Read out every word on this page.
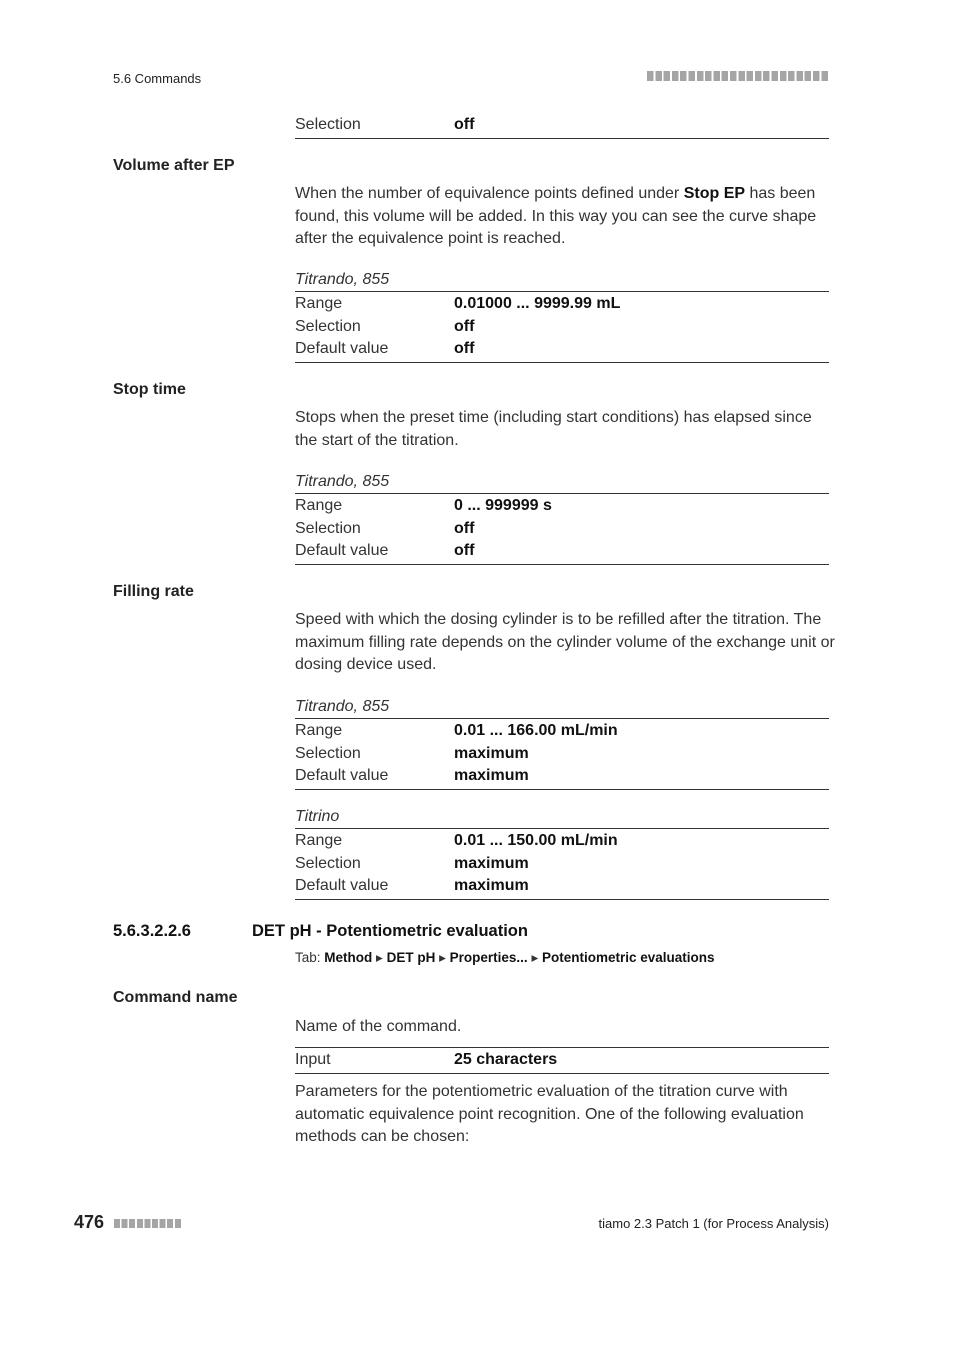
5.6 Commands
Selection	off
Volume after EP
When the number of equivalence points defined under Stop EP has been found, this volume will be added. In this way you can see the curve shape after the equivalence point is reached.
Titrando, 855
Range	0.01000 ... 9999.99 mL
Selection	off
Default value	off
Stop time
Stops when the preset time (including start conditions) has elapsed since the start of the titration.
Titrando, 855
Range	0 ... 999999 s
Selection	off
Default value	off
Filling rate
Speed with which the dosing cylinder is to be refilled after the titration. The maximum filling rate depends on the cylinder volume of the exchange unit or dosing device used.
Titrando, 855
Range	0.01 ... 166.00 mL/min
Selection	maximum
Default value	maximum
Titrino
Range	0.01 ... 150.00 mL/min
Selection	maximum
Default value	maximum
5.6.3.2.2.6	DET pH - Potentiometric evaluation
Tab: Method ▸ DET pH ▸ Properties... ▸ Potentiometric evaluations
Command name
Name of the command.
Input	25 characters
Parameters for the potentiometric evaluation of the titration curve with automatic equivalence point recognition. One of the following evaluation methods can be chosen:
476	tiamo 2.3 Patch 1 (for Process Analysis)
